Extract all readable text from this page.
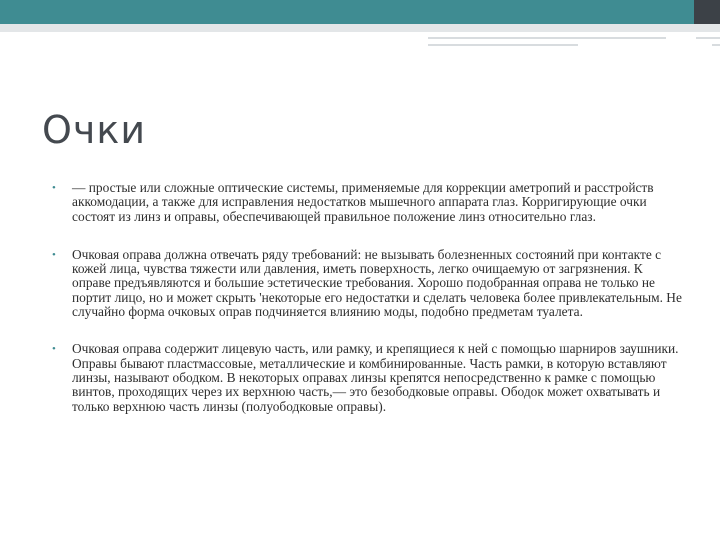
Очки
•	— простые или сложные оптические системы, применяемые для коррекции аметропий и расстройств аккомодации, а также для исправления недостатков мышечного аппарата глаз. Корригирующие очки состоят из линз и оправы, обеспечивающей правильное положение линз относительно глаз.
•	Очковая оправа должна отвечать ряду требований: не вызывать болезненных состояний при контакте с кожей лица, чувства тяжести или давления, иметь поверхность, легко очищаемую от загрязнения. К оправе предъявляются и большие эстетические требования. Хорошо подобранная оправа не только не портит лицо, но и может скрыть 'некоторые его недостатки и сделать человека более привлекательным. Не случайно форма очковых оправ подчиняется влиянию моды, подобно предметам туалета.
•	Очковая оправа содержит лицевую часть, или рамку, и крепящиеся к ней с помощью шарниров заушники. Оправы бывают пластмассовые, металлические и комбинированные. Часть рамки, в которую вставляют линзы, называют ободком. В некоторых оправах линзы крепятся непосредственно к рамке с помощью винтов, проходящих через их верхнюю часть,— это безободковые оправы. Ободок может охватывать и только верхнюю часть линзы (полуободковые оправы).
